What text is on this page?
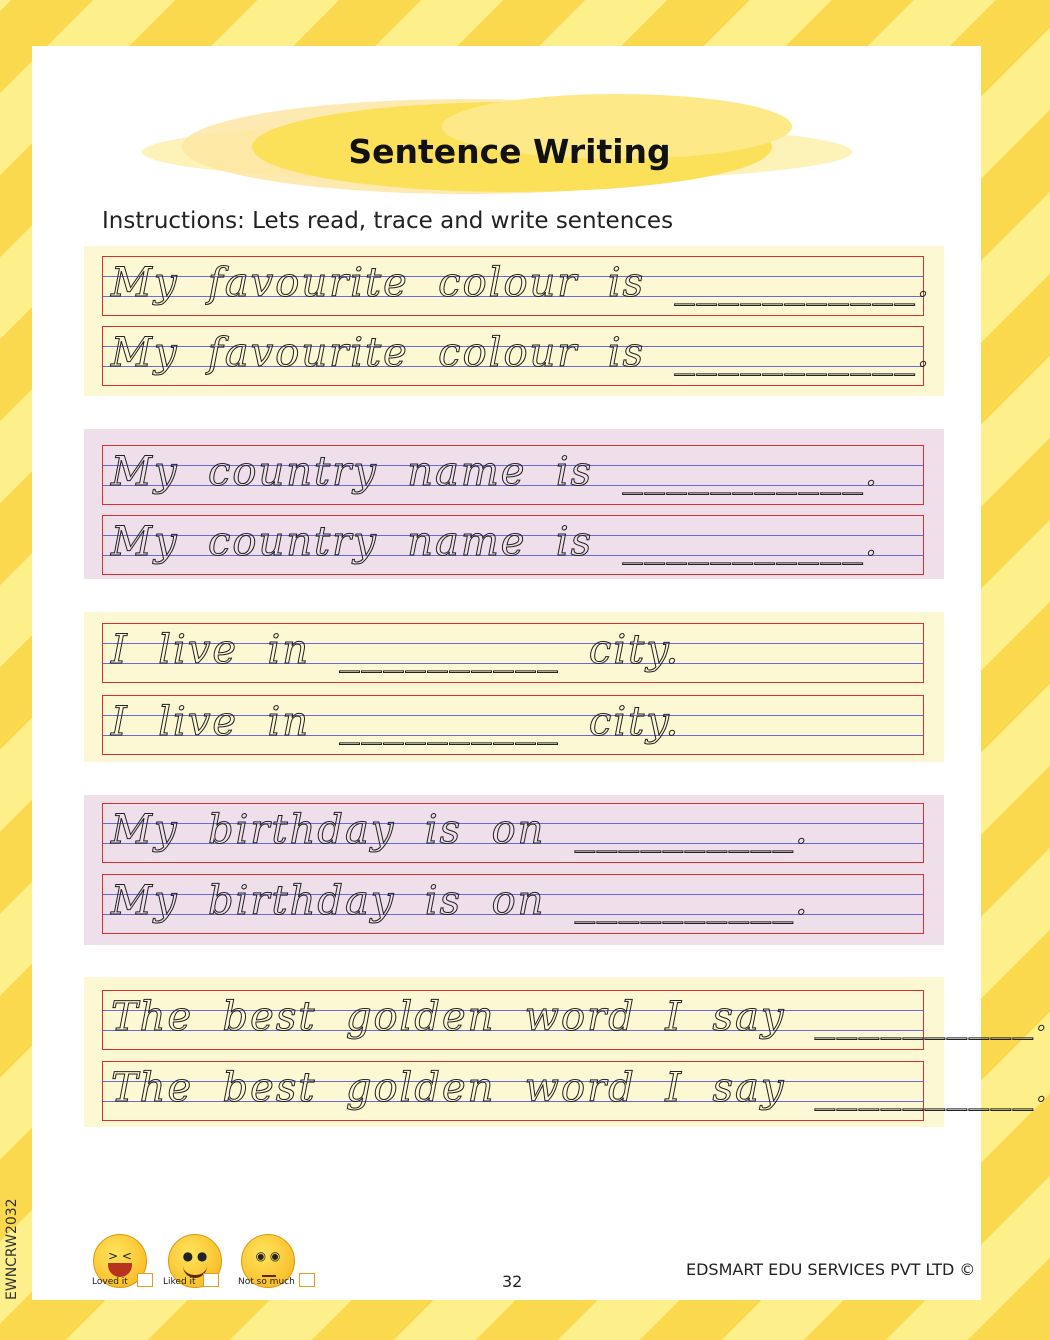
Sentence Writing
Instructions: Lets read, trace and write sentences
My  favourite  colour  is  ___________.
My  favourite  colour  is  ___________.
My  country  name  is  ___________.
My  country  name  is  ___________.
I  live  in  __________  city.
I  live  in  __________  city.
My  birthday  is  on  __________.
My  birthday  is  on  __________.
The  best  golden  word  I  say  __________.
The  best  golden  word  I  say  __________.
EWNCRW2032	> <
Loved it
● ●
Liked it
◉ ◉
Not so much	32
EDSMART EDU SERVICES PVT LTD ©
